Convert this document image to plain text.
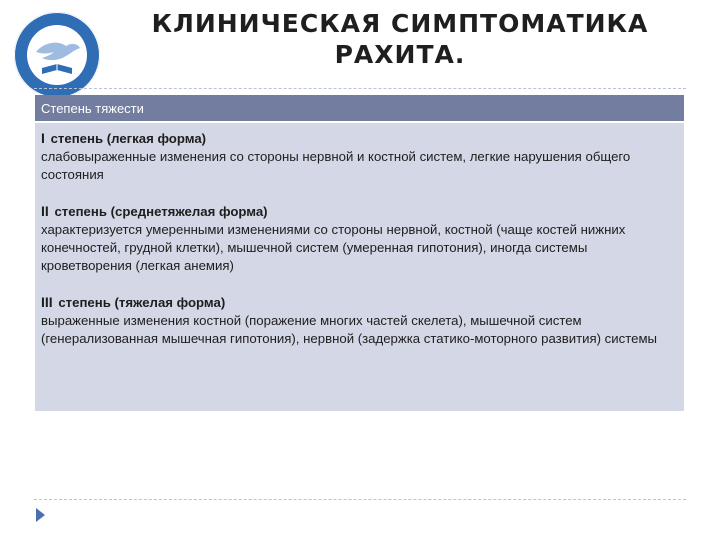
КЛИНИЧЕСКАЯ СИМПТОМАТИКА РАХИТА.
Степень тяжести
I степень (легкая форма)
слабовыраженные изменения со стороны нервной и костной систем, легкие нарушения общего состояния
II степень (среднетяжелая форма)
характеризуется умеренными изменениями со стороны нервной, костной (чаще костей нижних конечностей, грудной клетки), мышечной систем (умеренная гипотония), иногда системы кроветворения (легкая анемия)
III степень (тяжелая форма)
выраженные изменения костной (поражение многих частей скелета), мышечной систем (генерализованная мышечная гипотония), нервной (задержка статико-моторного развития) системы
